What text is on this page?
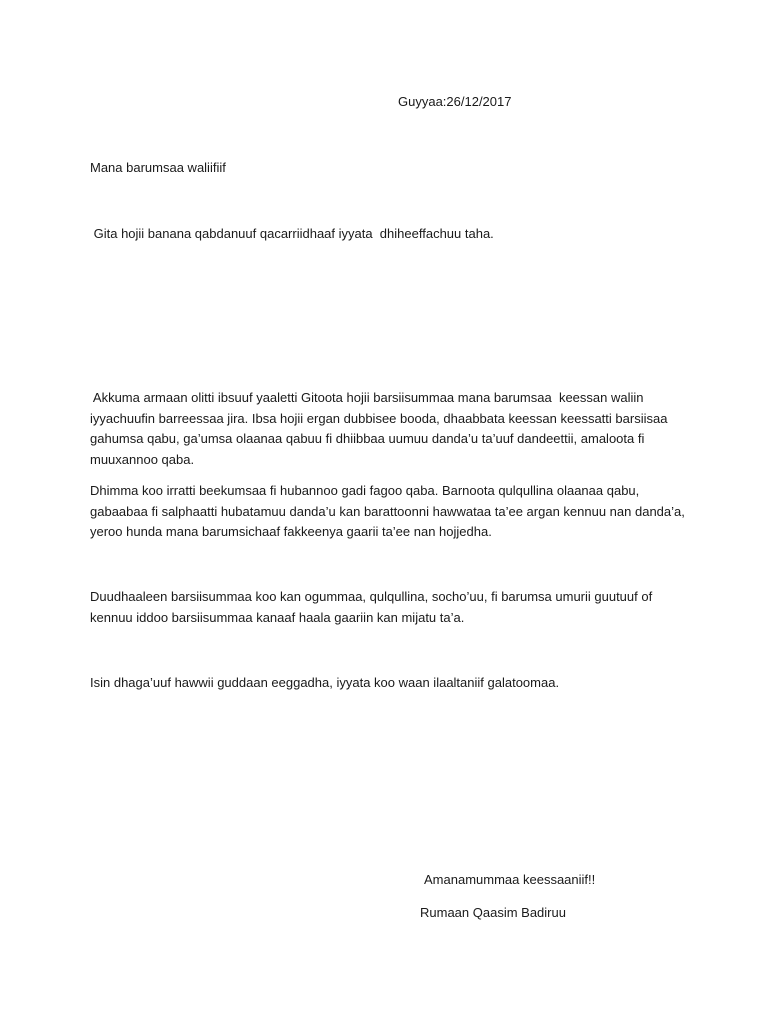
Guyyaa:26/12/2017
Mana barumsaa waliifiif
Gita hojii banana qabdanuuf qacarriidhaaf iyyata  dhiheeffachuu taha.
Akkuma armaan olitti ibsuuf yaaletti Gitoota hojii barsiisummaa mana barumsaa  keessan waliin
iyyachuufin barreessaa jira. Ibsa hojii ergan dubbisee booda, dhaabbata keessan keessatti barsiisaa
gahumsa qabu, ga’umsa olaanaa qabuu fi dhiibbaa uumuu danda’u ta’uuf dandeettii, amaloota fi
muuxannoo qaba.
Dhimma koo irratti beekumsaa fi hubannoo gadi fagoo qaba. Barnoota qulqullina olaanaa qabu,
gabaabaa fi salphaatti hubatamuu danda’u kan barattoonni hawwataa ta’ee argan kennuu nan danda’a,
yeroo hunda mana barumsichaaf fakkeenya gaarii ta’ee nan hojjedha.
Duudhaaleen barsiisummaa koo kan ogummaa, qulqullina, socho’uu, fi barumsa umurii guutuuf of
kennuu iddoo barsiisummaa kanaaf haala gaariin kan mijatu ta’a.
Isin dhaga’uuf hawwii guddaan eeggadha, iyyata koo waan ilaaltaniif galatoomaa.
Amanamummaa keessaaniif!!
Rumaan Qaasim Badiruu
